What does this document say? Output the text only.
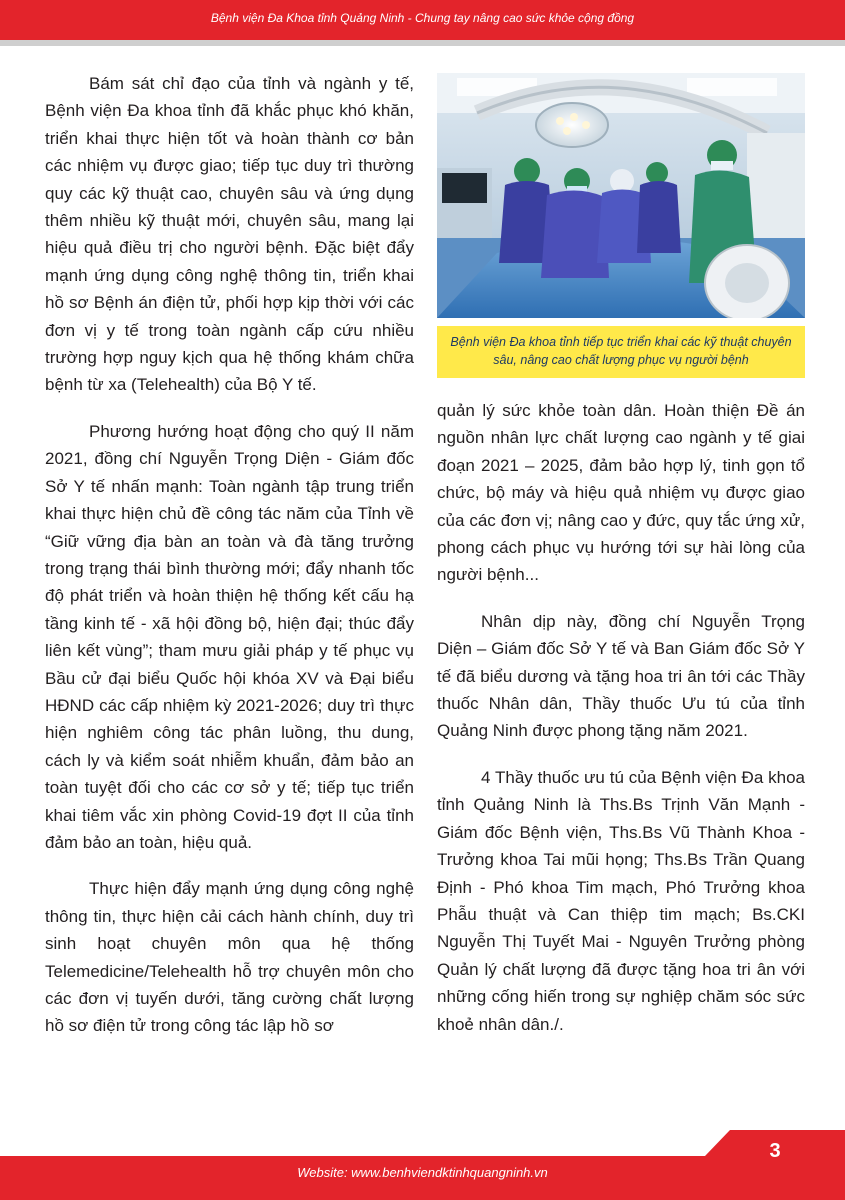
Bệnh viện Đa Khoa tỉnh Quảng Ninh - Chung tay nâng cao sức khỏe cộng đồng

Bám sát chỉ đạo của tỉnh và ngành y tế, Bệnh viện Đa khoa tỉnh đã khắc phục khó khăn, triển khai thực hiện tốt và hoàn thành cơ bản các nhiệm vụ được giao; tiếp tục duy trì thường quy các kỹ thuật cao, chuyên sâu và ứng dụng thêm nhiều kỹ thuật mới, chuyên sâu, mang lại hiệu quả điều trị cho người bệnh. Đặc biệt đẩy mạnh ứng dụng công nghệ thông tin, triển khai hồ sơ Bệnh án điện tử, phối hợp kịp thời với các đơn vị y tế trong toàn ngành cấp cứu nhiều trường hợp nguy kịch qua hệ thống khám chữa bệnh từ xa (Telehealth) của Bộ Y tế.

Phương hướng hoạt động cho quý II năm 2021, đồng chí Nguyễn Trọng Diện - Giám đốc Sở Y tế nhấn mạnh: Toàn ngành tập trung triển khai thực hiện chủ đề công tác năm của Tỉnh về “Giữ vững địa bàn an toàn và đà tăng trưởng trong trạng thái bình thường mới; đẩy nhanh tốc độ phát triển và hoàn thiện hệ thống kết cấu hạ tầng kinh tế - xã hội đồng bộ, hiện đại; thúc đẩy liên kết vùng”; tham mưu giải pháp y tế phục vụ Bầu cử đại biểu Quốc hội khóa XV và Đại biểu HĐND các cấp nhiệm kỳ 2021-2026; duy trì thực hiện nghiêm công tác phân luồng, thu dung, cách ly và kiểm soát nhiễm khuẩn, đảm bảo an toàn tuyệt đối cho các cơ sở y tế; tiếp tục triển khai tiêm vắc xin phòng Covid-19 đợt II của tỉnh đảm bảo an toàn, hiệu quả.

Thực hiện đẩy mạnh ứng dụng công nghệ thông tin, thực hiện cải cách hành chính, duy trì sinh hoạt chuyên môn qua hệ thống Telemedicine/Telehealth hỗ trợ chuyên môn cho các đơn vị tuyến dưới, tăng cường chất lượng hồ sơ điện tử trong công tác lập hồ sơ

Bệnh viện Đa khoa tỉnh tiếp tục triển khai các kỹ thuật chuyên sâu, nâng cao chất lượng phục vụ người bệnh

quản lý sức khỏe toàn dân. Hoàn thiện Đề án nguồn nhân lực chất lượng cao ngành y tế giai đoạn 2021 – 2025, đảm bảo hợp lý, tinh gọn tổ chức, bộ máy và hiệu quả nhiệm vụ được giao của các đơn vị; nâng cao y đức, quy tắc ứng xử, phong cách phục vụ hướng tới sự hài lòng của người bệnh...

Nhân dịp này, đồng chí Nguyễn Trọng Diện – Giám đốc Sở Y tế và Ban Giám đốc Sở Y tế đã biểu dương và tặng hoa tri ân tới các Thầy thuốc Nhân dân, Thầy thuốc Ưu tú của tỉnh Quảng Ninh được phong tặng năm 2021.

4 Thầy thuốc ưu tú của Bệnh viện Đa khoa tỉnh Quảng Ninh là Ths.Bs Trịnh Văn Mạnh - Giám đốc Bệnh viện, Ths.Bs Vũ Thành Khoa - Trưởng khoa Tai mũi họng; Ths.Bs Trần Quang Định - Phó khoa Tim mạch, Phó Trưởng khoa Phẫu thuật và Can thiệp tim mạch; Bs.CKI Nguyễn Thị Tuyết Mai - Nguyên Trưởng phòng Quản lý chất lượng đã được tặng hoa tri ân với những cống hiến trong sự nghiệp chăm sóc sức khoẻ nhân dân./.

3
Website: www.benhviendktinhquangninh.vn
